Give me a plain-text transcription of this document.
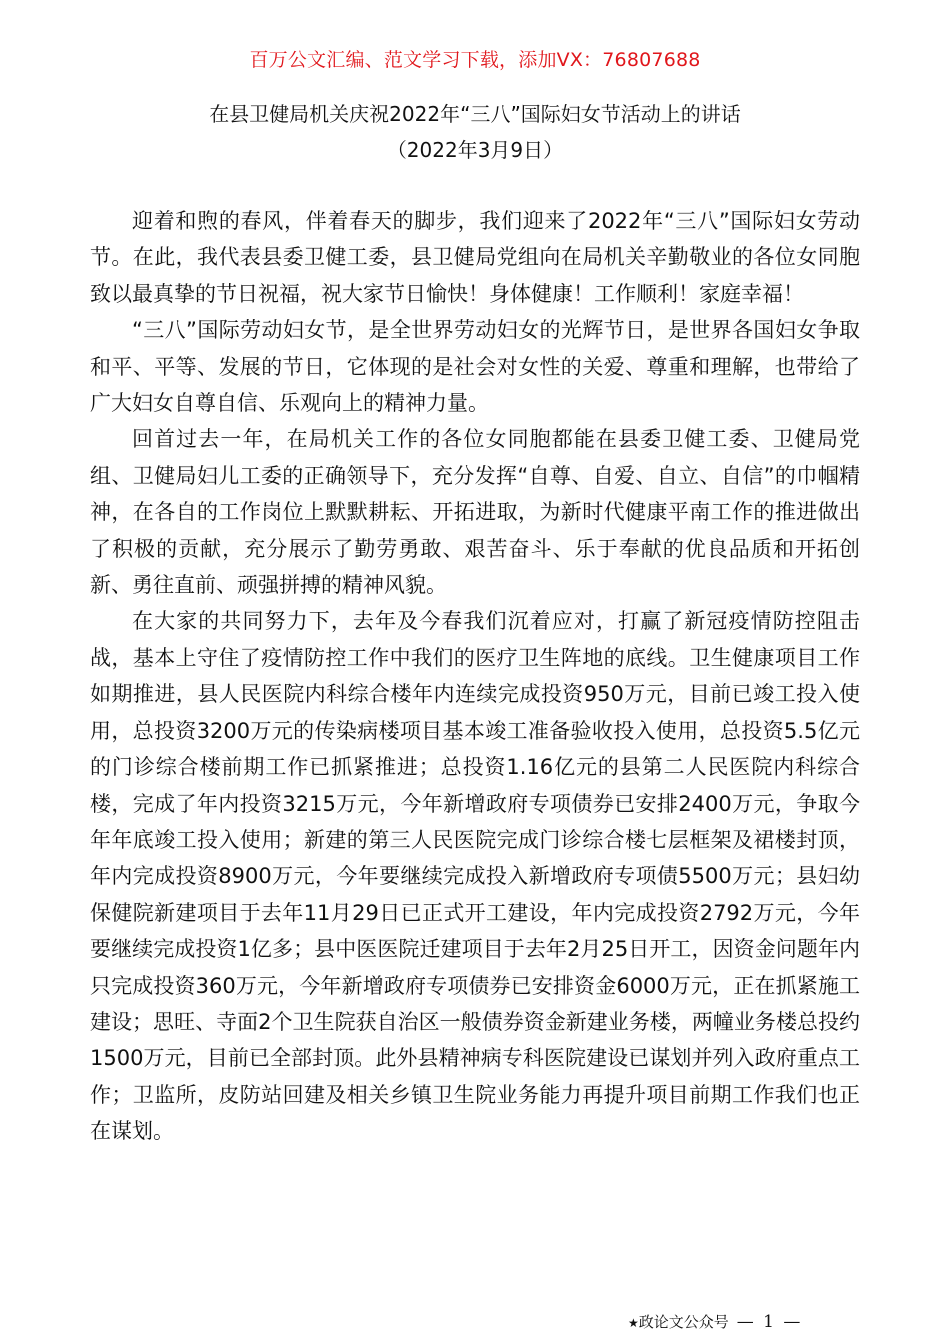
百万公文汇编、范文学习下载，添加VX：76807688
在县卫健局机关庆祝2022年“三八”国际妇女节活动上的讲话
（2022年3月9日）

迎着和煦的春风，伴着春天的脚步，我们迎来了2022年“三八”国际妇女劳动节。在此，我代表县委卫健工委，县卫健局党组向在局机关辛勤敬业的各位女同胞致以最真挚的节日祝福，祝大家节日愉快！身体健康！工作顺利！家庭幸福！

“三八”国际劳动妇女节，是全世界劳动妇女的光辉节日，是世界各国妇女争取和平、平等、发展的节日，它体现的是社会对女性的关爱、尊重和理解，也带给了广大妇女自尊自信、乐观向上的精神力量。

回首过去一年，在局机关工作的各位女同胞都能在县委卫健工委、卫健局党组、卫健局妇儿工委的正确领导下，充分发挥“自尊、自爱、自立、自信”的巾帼精神，在各自的工作岗位上默默耕耘、开拓进取，为新时代健康平南工作的推进做出了积极的贡献，充分展示了勤劳勇敢、艰苦奋斗、乐于奉献的优良品质和开拓创新、勇往直前、顽强拼搏的精神风貌。

在大家的共同努力下，去年及今春我们沉着应对，打赢了新冠疫情防控阻击战，基本上守住了疫情防控工作中我们的医疗卫生阵地的底线。卫生健康项目工作如期推进，县人民医院内科综合楼年内连续完成投资950万元，目前已竣工投入使用，总投资3200万元的传染病楼项目基本竣工准备验收投入使用，总投资5.5亿元的门诊综合楼前期工作已抓紧推进；总投资1.16亿元的县第二人民医院内科综合楼，完成了年内投资3215万元，今年新增政府专项债券已安排2400万元，争取今年年底竣工投入使用；新建的第三人民医院完成门诊综合楼七层框架及裙楼封顶，年内完成投资8900万元，今年要继续完成投入新增政府专项债5500万元；县妇幼保健院新建项目于去年11月29日已正式开工建设，年内完成投资2792万元，今年要继续完成投资1亿多；县中医医院迁建项目于去年2月25日开工，因资金问题年内只完成投资360万元，今年新增政府专项债券已安排资金6000万元，正在抓紧施工建设；思旺、寺面2个卫生院获自治区一般债券资金新建业务楼，两幢业务楼总投约1500万元，目前已全部封顶。此外县精神病专科医院建设已谋划并列入政府重点工作；卫监所，皮防站回建及相关乡镇卫生院业务能力再提升项目前期工作我们也正在谋划。

★政论文公众号 — 1 —
